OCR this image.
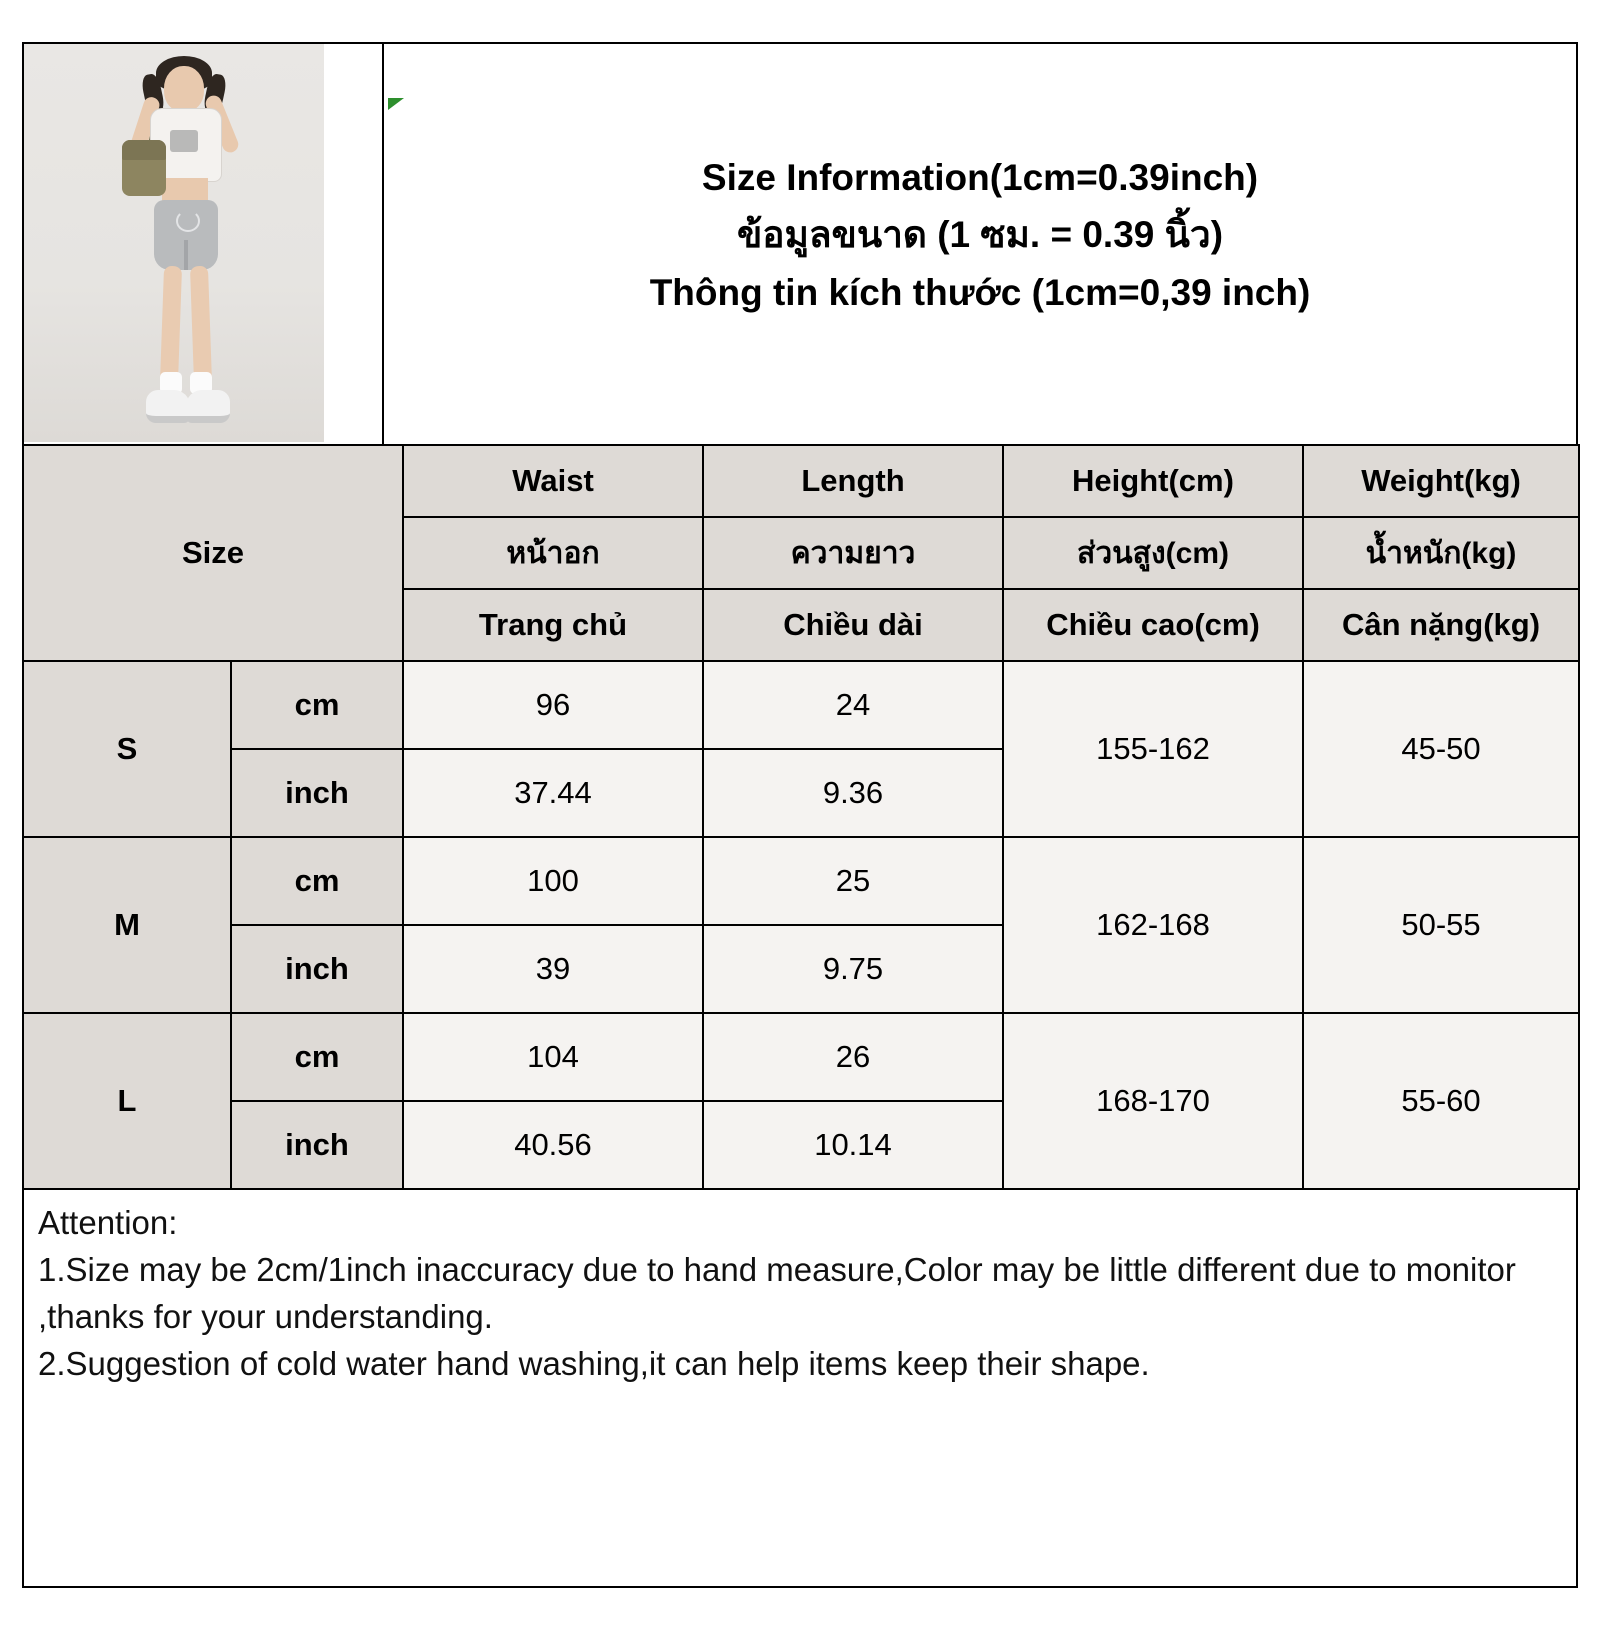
Size Information(1cm=0.39inch)
ข้อมูลขนาด (1 ซม. = 0.39 นิ้ว)
Thông tin kích thước (1cm=0,39 inch)
Size		Waist	Length	Height(cm)	Weight(kg)
		หน้าอก	ความยาว	ส่วนสูง(cm)	น้ำหนัก(kg)
		Trang chủ	Chiều dài	Chiều cao(cm)	Cân nặng(kg)
S	cm	96	24	155-162	45-50
	inch	37.44	9.36		
M	cm	100	25	162-168	50-55
	inch	39	9.75		
L	cm	104	26	168-170	55-60
	inch	40.56	10.14		
Attention:
1.Size may be 2cm/1inch inaccuracy due to hand measure,Color may be little different due to monitor ,thanks for your understanding.
2.Suggestion of cold water hand washing,it can help items keep their shape.
